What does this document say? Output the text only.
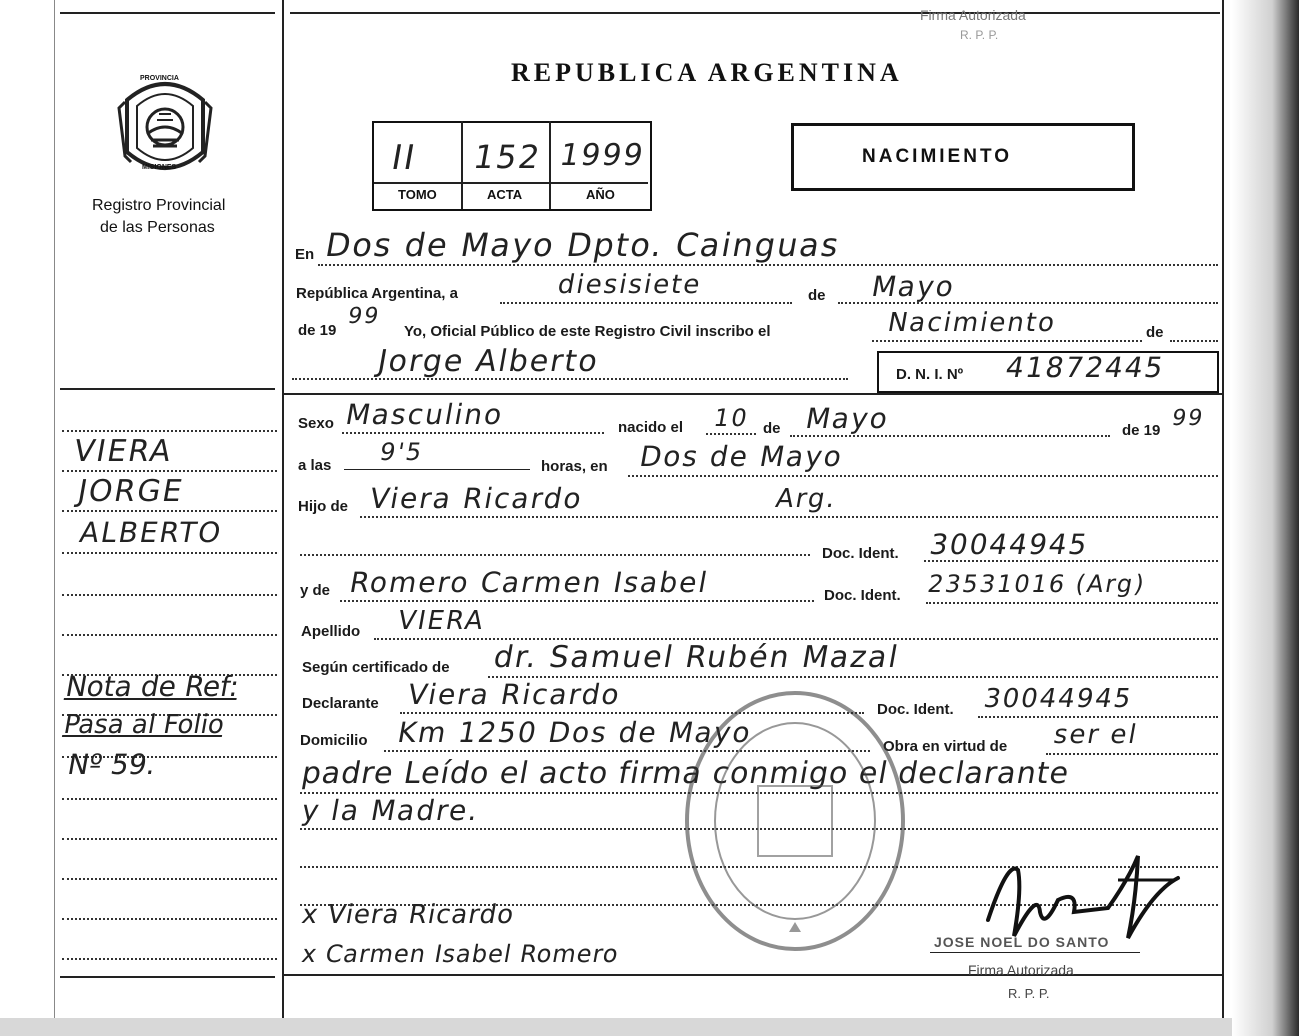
Firma Autorizada
R. P. P.
PROVINCIA
MISIONES
Registro Provincial
de las Personas
REPUBLICA ARGENTINA
II 152 1999
TOMO	ACTA	AÑO
NACIMIENTO
En Dos de Mayo Dpto. Cainguas
República Argentina, a	diesisiete	de Mayo
de 19
99
Yo, Oficial Público de este Registro Civil inscribo el	Nacimiento	de
Jorge Alberto	D. N. I. Nº 41872445
Sexo Masculino	nacido el 10 de Mayo	de 19 99
a las 9'5
horas, en Dos de Mayo
Hijo de Viera Ricardo	Arg.
Doc. Ident. 30044945
y de Romero Carmen Isabel	Doc. Ident. 23531016 (Arg)
Apellido VIERA
Según certificado de dr. Samuel Rubén Mazal
Declarante Viera Ricardo	Doc. Ident. 30044945
Domicilio Km 1250 Dos de Mayo	Obra en virtud de ser el
padre Leído el acto firma conmigo el declarante
y la Madre.
VIERA
JORGE
ALBERTO
Nota de Ref:
Pasa al Folio
Nº 59.
x Viera Ricardo
x Carmen Isabel Romero	JOSE NOEL DO SANTO
Firma Autorizada
R. P. P.
